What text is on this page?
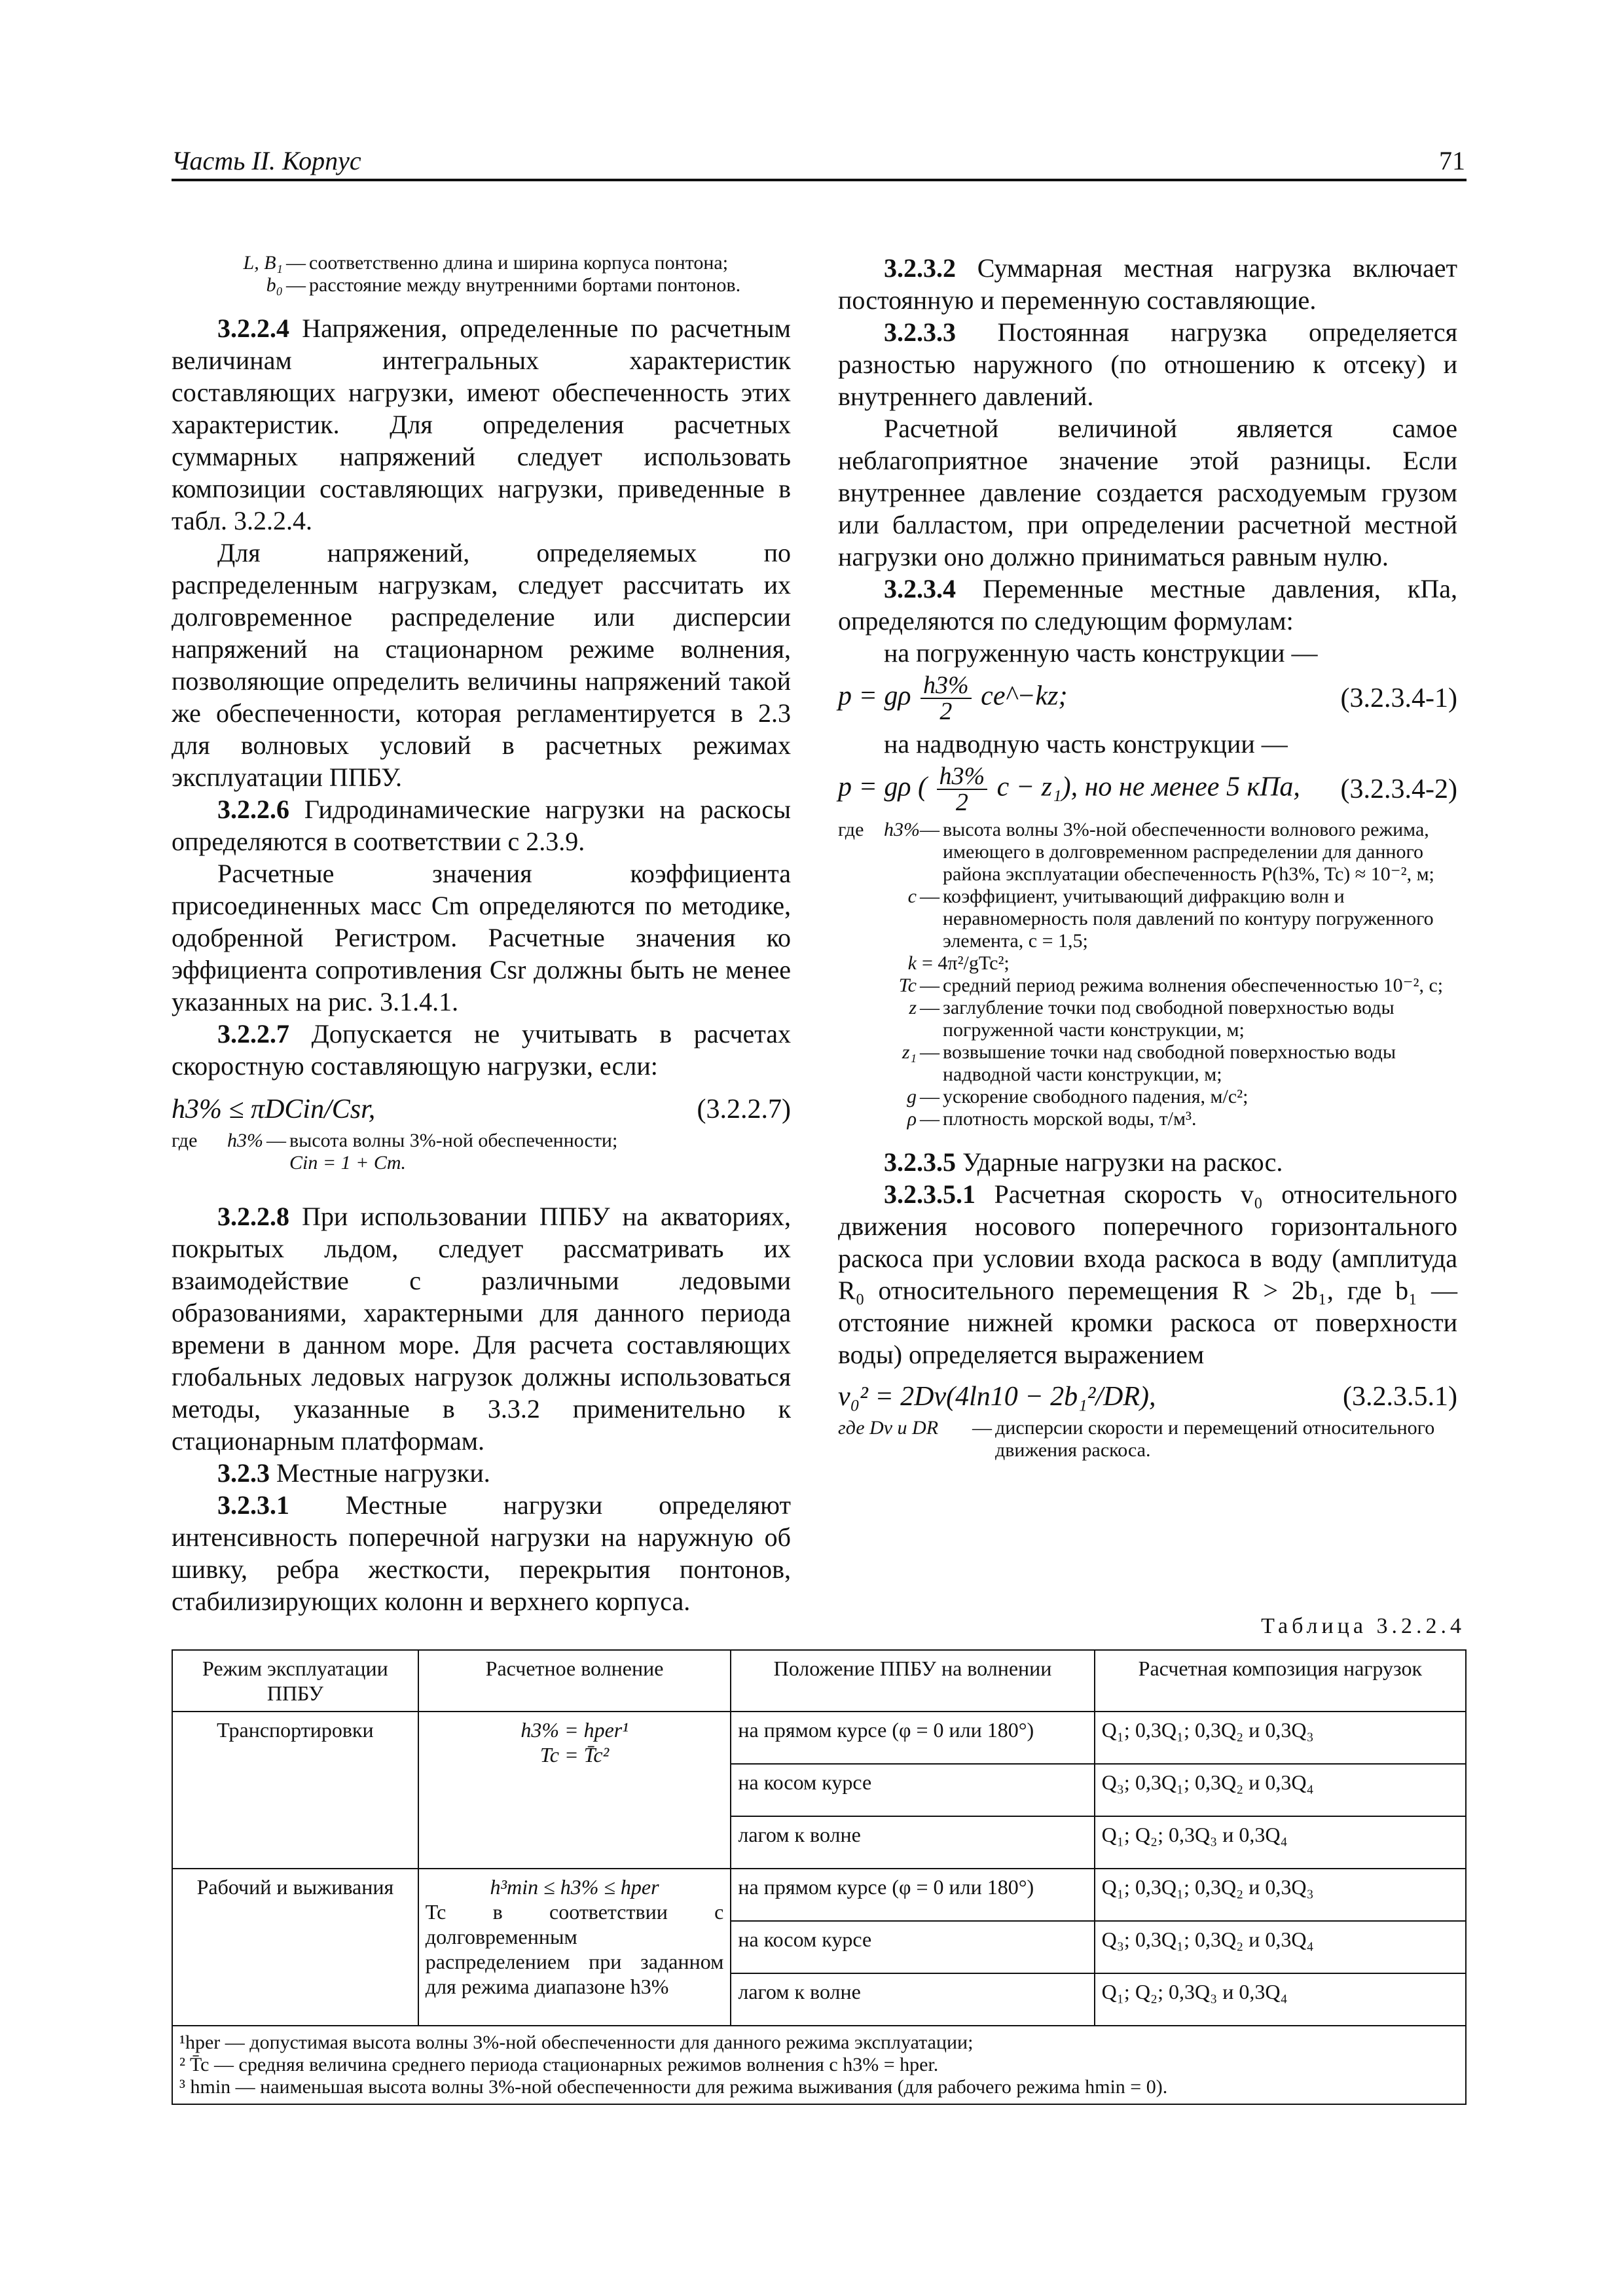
Часть II. Корпус	71
L, B₁ — соответственно длина и ширина корпуса понтона;
b₀ — расстояние между внутренними бортами понтонов.

3.2.2.4 Напряжения, определенные по расчетным величинам интегральных характеристик составляющих нагрузки, имеют обеспеченность этих характеристик. Для определения расчетных суммарных напряжений следует использовать композиции составляющих нагрузки, приведенные в табл. 3.2.2.4.

Для напряжений, определяемых по распределенным нагрузкам, следует рассчитать их долговременное распределение или дисперсии напряжений на стационарном режиме волнения, позволяющие определить величины напряжений такой же обеспеченности, которая регламентируется в 2.3 для волновых условий в расчетных режимах эксплуатации ППБУ.

3.2.2.6 Гидродинамические нагрузки на раскосы определяются в соответствии с 2.3.9.

Расчетные значения коэффициента присоединенных масс Cm определяются по методике, одобренной Регистром. Расчетные значения ко эффициента сопротивления Csr должны быть не менее указанных на рис. 3.1.4.1.

3.2.2.7 Допускается не учитывать в расчетах скоростную составляющую нагрузки, если:

h3% ≤ πDCin/Csr,	(3.2.2.7)
где	h3% — высота волны 3%-ной обеспеченности;
Cin = 1 + Cm.

3.2.2.8 При использовании ППБУ на акваториях, покрытых льдом, следует рассматривать их взаимодействие с различными ледовыми образованиями, характерными для данного периода времени в данном море. Для расчета составляющих глобальных ледовых нагрузок должны использоваться методы, указанные в 3.3.2 применительно к стационарным платформам.

3.2.3 Местные нагрузки.

3.2.3.1 Местные нагрузки определяют интенсивность поперечной нагрузки на наружную об шивку, ребра жесткости, перекрытия понтонов, стабилизирующих колонн и верхнего корпуса.

3.2.3.2 Суммарная местная нагрузка включает постоянную и переменную составляющие.

3.2.3.3 Постоянная нагрузка определяется разностью наружного (по отношению к отсеку) и внутреннего давлений.

Расчетной величиной является самое неблагоприятное значение этой разницы. Если внутреннее давление создается расходуемым грузом или балластом, при определении расчетной местной нагрузки оно должно приниматься равным нулю.

3.2.3.4 Переменные местные давления, кПа, определяются по следующим формулам:

на погруженную часть конструкции —

p = gρ $\frac{h3\%}{2}$ ce^−kz;	(3.2.3.4-1)

на надводную часть конструкции —

p = gρ ( $\frac{h3\%}{2}$ c − z₁), но не менее 5 кПа, (3.2.3.4-2)
где	h3% — высота волны 3%-ной обеспеченности волнового режима, имеющего в долговременном распределении для данного района эксплуатации обеспеченность P(h3%, Tc) ≈ 10⁻², м;
c — коэффициент, учитывающий дифракцию волн и неравномерность поля давлений по контуру погруженного элемента, c = 1,5;
k = 4π²/gTc²;
Tc — средний период режима волнения обеспеченностью 10⁻², с;
z — заглубление точки под свободной поверхностью воды погруженной части конструкции, м;
z₁ — возвышение точки над свободной поверхностью воды надводной части конструкции, м;
g — ускорение свободного падения, м/с²;
ρ — плотность морской воды, т/м³.

3.2.3.5 Ударные нагрузки на раскос.

3.2.3.5.1 Расчетная скорость v₀ относительного движения носового поперечного горизонтального раскоса при условии входа раскоса в воду (амплитуда R₀ относительного перемещения R > 2b₁, где b₁ — отстояние нижней кромки раскоса от поверхности воды) определяется выражением

v₀² = 2Dv(4ln10 − 2b₁²/DR),	(3.2.3.5.1)
где Dv и DR	— дисперсии скорости и перемещений относительного движения раскоса.
Таблица 3.2.2.4
Режим эксплуатации ППБУ	Расчетное волнение	Положение ППБУ на волнении	Расчетная композиция нагрузок
Транспортировки	h3% = hper¹
Tc = T̄c²	на прямом курсе (φ = 0 или 180°)	Q₁; 0,3Q₁; 0,3Q₂ и 0,3Q₃
		на косом курсе	Q₃; 0,3Q₁; 0,3Q₂ и 0,3Q₄
		лагом к волне	Q₁; Q₂; 0,3Q₃ и 0,3Q₄
Рабочий и выживания	h³min ≤ h3% ≤ hper
Tc в соответствии с долговременным распределением при заданном для режима диапазоне h3%	на прямом курсе (φ = 0 или 180°)	Q₁; 0,3Q₁; 0,3Q₂ и 0,3Q₃
		на косом курсе	Q₃; 0,3Q₁; 0,3Q₂ и 0,3Q₄
		лагом к волне	Q₁; Q₂; 0,3Q₃ и 0,3Q₄

¹hper — допустимая высота волны 3%-ной обеспеченности для данного режима эксплуатации;
² T̄c — средняя величина среднего периода стационарных режимов волнения с h3% = hper.
³ hmin — наименьшая высота волны 3%-ной обеспеченности для режима выживания (для рабочего режима hmin = 0).			
